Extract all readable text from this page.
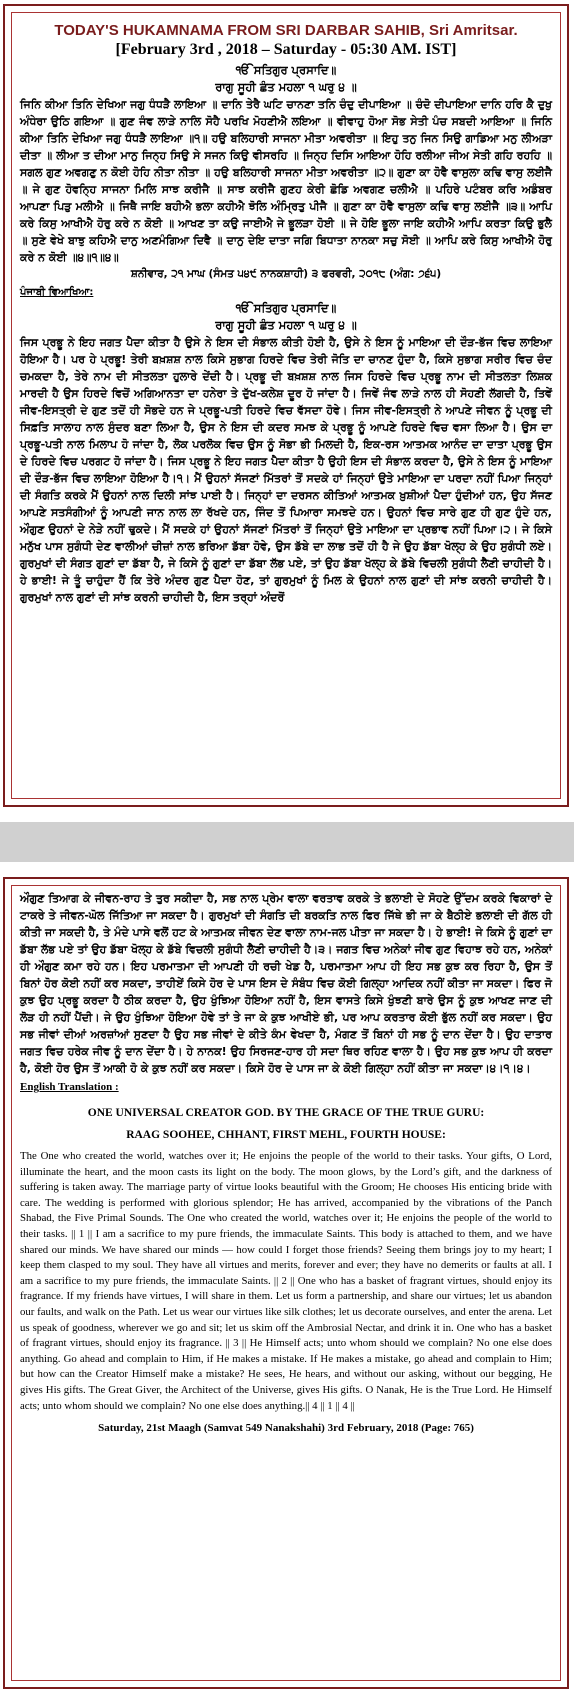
TODAY'S HUKAMNAMA FROM SRI DARBAR SAHIB, Sri Amritsar.
[February 3rd , 2018 – Saturday - 05:30 AM. IST]
ੴ ਸਤਿਗੁਰ ਪ੍ਰਸਾਦਿ॥
ਰਾਗੁ ਸੂਹੀ ਛੰਤ ਮਹਲਾ ੧ ਘਰੁ ੪ ॥

ਜਿਨਿ ਕੀਆ ਤਿਨਿ ਦੇਖਿਆ ਜਗੁ ਧੰਧੜੈ ਲਾਇਆ ॥ ਦਾਨਿ ਤੇਰੈ ਘਟਿ ਚਾਨਣਾ ਤਨਿ ਚੰਦੁ ਦੀਪਾਇਆ ॥ ਚੰਦੋ ਦੀਪਾਇਆ ਦਾਨਿ ਹਰਿ ਕੈ ਦੁਖੁ ਅੰਧੇਰਾ ਉਠਿ ਗਇਆ ॥ ਗੁਣ ਜੰਞ ਲਾੜੇ ਨਾਲਿ ਸੋਹੈ ਪਰਖਿ ਮੋਹਣੀਐ ਲਇਆ ॥ ਵੀਵਾਹੁ ਹੋਆ ਸੋਭ ਸੇਤੀ ਪੰਚ ਸਬਦੀ ਆਇਆ ॥ ਜਿਨਿ ਕੀਆ ਤਿਨਿ ਦੇਖਿਆ ਜਗੁ ਧੰਧੜੈ ਲਾਇਆ ॥੧॥ ਹਉ ਬਲਿਹਾਰੀ ਸਾਜਨਾ ਮੀਤਾ ਅਵਰੀਤਾ ॥ ਇਹੁ ਤਨੁ ਜਿਨ ਸਿਉ ਗਾਡਿਆ ਮਨੁ ਲੀਅੜਾ ਦੀਤਾ ॥ ਲੀਆ ਤ ਦੀਆ ਮਾਨੁ ਜਿਨ੍ਹ ਸਿਉ ਸੇ ਸਜਨ ਕਿਉ ਵੀਸਰਹਿ ॥ ਜਿਨ੍ਹ ਦਿਸਿ ਆਇਆ ਹੋਹਿ ਰਲੀਆ ਜੀਅ ਸੇਤੀ ਗਹਿ ਰਹਹਿ ॥ ਸਗਲ ਗੁਣ ਅਵਗਣੁ ਨ ਕੋਈ ਹੋਹਿ ਨੀਤਾ ਨੀਤਾ ॥ ਹਉ ਬਲਿਹਾਰੀ ਸਾਜਨਾ ਮੀਤਾ ਅਵਰੀਤਾ ॥੨॥ ਗੁਣਾ ਕਾ ਹੋਵੈ ਵਾਸੁਲਾ ਕਢਿ ਵਾਸੁ ਲਈਜੈ ॥ ਜੇ ਗੁਣ ਹੋਵਨ੍ਹਿ ਸਾਜਨਾ ਮਿਲਿ ਸਾਝ ਕਰੀਜੈ ॥ ਸਾਝ ਕਰੀਜੈ ਗੁਣਹ ਕੇਰੀ ਛੋਡਿ ਅਵਗਣ ਚਲੀਐ ॥ ਪਹਿਰੇ ਪਟੰਬਰ ਕਰਿ ਅਡੰਬਰ ਆਪਣਾ ਪਿੜੁ ਮਲੀਐ ॥ ਜਿਥੈ ਜਾਇ ਬਹੀਐ ਭਲਾ ਕਹੀਐ ਝੋਲਿ ਅੰਮ੍ਰਿਤੁ ਪੀਜੈ ॥ ਗੁਣਾ ਕਾ ਹੋਵੈ ਵਾਸੁਲਾ ਕਢਿ ਵਾਸੁ ਲਈਜੈ ॥੩॥ ਆਪਿ ਕਰੇ ਕਿਸੁ ਆਖੀਐ ਹੋਰੁ ਕਰੇ ਨ ਕੋਈ ॥ ਆਖਣ ਤਾ ਕਉ ਜਾਈਐ ਜੇ ਭੂਲੜਾ ਹੋਈ ॥ ਜੇ ਹੋਇ ਭੂਲਾ ਜਾਇ ਕਹੀਐ ਆਪਿ ਕਰਤਾ ਕਿਉ ਭੁਲੈ ॥ ਸੁਣੇ ਵੇਖੇ ਬਾਝੁ ਕਹਿਐ ਦਾਨੁ ਅਣਮੰਗਿਆ ਦਿਵੈ ॥ ਦਾਨੁ ਦੇਇ ਦਾਤਾ ਜਗਿ ਬਿਧਾਤਾ ਨਾਨਕਾ ਸਚੁ ਸੋਈ ॥ ਆਪਿ ਕਰੇ ਕਿਸੁ ਆਖੀਐ ਹੋਰੁ ਕਰੇ ਨ ਕੋਈ ॥੪॥੧॥੪॥

ਸ਼ਨੀਵਾਰ, ੨੧ ਮਾਘ (ਸੰਮਤ ੫੪੯ ਨਾਨਕਸ਼ਾਹੀ) ੩ ਫਰਵਰੀ, ੨੦੧੮ (ਅੰਗ: ੭੬੫)
ਪੰਜਾਬੀ ਵਿਆਖਿਆ:
ੴ ਸਤਿਗੁਰ ਪ੍ਰਸਾਦਿ॥
ਰਾਗੁ ਸੂਹੀ ਛੰਤ ਮਹਲਾ ੧ ਘਰੁ ੪ ॥

ਜਿਸ ਪ੍ਰਭੂ ਨੇ ਇਹ ਜਗਤ ਪੈਦਾ ਕੀਤਾ ਹੈ ਉਸੇ ਨੇ ਇਸ ਦੀ ਸੰਭਾਲ ਕੀਤੀ ਹੋਈ ਹੈ, ਉਸੇ ਨੇ ਇਸ ਨੂੰ ਮਾਇਆ ਦੀ ਦੌੜ-ਭੱਜ ਵਿਚ ਲਾਇਆ ਹੋਇਆ ਹੈ। ਪਰ ਹੇ ਪ੍ਰਭੂ! ਤੇਰੀ ਬਖ਼ਸ਼ਸ਼ ਨਾਲ ਕਿਸੇ ਸੁਭਾਗ ਹਿਰਦੇ ਵਿਚ ਤੇਰੀ ਜੋਤਿ ਦਾ ਚਾਨਣ ਹੁੰਦਾ ਹੈ, ਕਿਸੇ ਸੁਭਾਗ ਸਰੀਰ ਵਿਚ ਚੰਦ ਚਮਕਦਾ ਹੈ, ਤੇਰੇ ਨਾਮ ਦੀ ਸੀਤਲਤਾ ਹੁਲਾਰੇ ਦੇਂਦੀ ਹੈ। ਪ੍ਰਭੂ ਦੀ ਬਖ਼ਸ਼ਸ਼ ਨਾਲ ਜਿਸ ਹਿਰਦੇ ਵਿਚ ਪ੍ਰਭੂ ਨਾਮ ਦੀ ਸੀਤਲਤਾ ਲਿਸ਼ਕ ਮਾਰਦੀ ਹੈ ਉਸ ਹਿਰਦੇ ਵਿਚੋਂ ਅਗਿਆਨਤਾ ਦਾ ਹਨੇਰਾ ਤੇ ਦੁੱਖ-ਕਲੇਸ਼ ਦੂਰ ਹੋ ਜਾਂਦਾ ਹੈ। ਜਿਵੇਂ ਜੰਞ ਲਾੜੇ ਨਾਲ ਹੀ ਸੋਹਣੀ ਲੱਗਦੀ ਹੈ, ਤਿਵੇਂ ਜੀਵ-ਇਸਤ੍ਰੀ ਦੇ ਗੁਣ ਤਦੋਂ ਹੀ ਸੋਭਦੇ ਹਨ ਜੇ ਪ੍ਰਭੂ-ਪਤੀ ਹਿਰਦੇ ਵਿਚ ਵੱਸਦਾ ਹੋਵੇ। ਜਿਸ ਜੀਵ-ਇਸਤ੍ਰੀ ਨੇ ਆਪਣੇ ਜੀਵਨ ਨੂੰ ਪ੍ਰਭੂ ਦੀ ਸਿਫ਼ਤਿ ਸਾਲਾਹ ਨਾਲ ਸੁੰਦਰ ਬਣਾ ਲਿਆ ਹੈ, ਉਸ ਨੇ ਇਸ ਦੀ ਕਦਰ ਸਮਝ ਕੇ ਪ੍ਰਭੂ ਨੂੰ ਆਪਣੇ ਹਿਰਦੇ ਵਿਚ ਵਸਾ ਲਿਆ ਹੈ। ਉਸ ਦਾ ਪ੍ਰਭੂ-ਪਤੀ ਨਾਲ ਮਿਲਾਪ ਹੋ ਜਾਂਦਾ ਹੈ, ਲੋਕ ਪਰਲੋਕ ਵਿਚ ਉਸ ਨੂੰ ਸੋਭਾ ਭੀ ਮਿਲਦੀ ਹੈ, ਇਕ-ਰਸ ਆਤਮਕ ਆਨੰਦ ਦਾ ਦਾਤਾ ਪ੍ਰਭੂ ਉਸ ਦੇ ਹਿਰਦੇ ਵਿਚ ਪਰਗਟ ਹੋ ਜਾਂਦਾ ਹੈ। ਜਿਸ ਪ੍ਰਭੂ ਨੇ ਇਹ ਜਗਤ ਪੈਦਾ ਕੀਤਾ ਹੈ ਉਹੀ ਇਸ ਦੀ ਸੰਭਾਲ ਕਰਦਾ ਹੈ, ਉਸੇ ਨੇ ਇਸ ਨੂੰ ਮਾਇਆ ਦੀ ਦੌੜ-ਭੱਜ ਵਿਚ ਲਾਇਆ ਹੋਇਆ ਹੈ।੧। ਮੈਂ ਉਹਨਾਂ ਸੱਜਣਾਂ ਮਿੱਤਰਾਂ ਤੋਂ ਸਦਕੇ ਹਾਂ ਜਿਨ੍ਹਾਂ ਉਤੇ ਮਾਇਆ ਦਾ ਪਰਦਾ ਨਹੀਂ ਪਿਆ ਜਿਨ੍ਹਾਂ ਦੀ ਸੰਗਤਿ ਕਰਕੇ ਮੈਂ ਉਹਨਾਂ ਨਾਲ ਦਿਲੀ ਸਾਂਝ ਪਾਈ ਹੈ। ਜਿਨ੍ਹਾਂ ਦਾ ਦਰਸਨ ਕੀਤਿਆਂ ਆਤਮਕ ਖ਼ੁਸ਼ੀਆਂ ਪੈਦਾ ਹੁੰਦੀਆਂ ਹਨ, ਉਹ ਸੱਜਣ ਆਪਣੇ ਸਤਸੰਗੀਆਂ ਨੂੰ ਆਪਣੀ ਜਾਨ ਨਾਲ ਲਾ ਰੱਖਦੇ ਹਨ, ਜਿੰਦ ਤੋਂ ਪਿਆਰਾ ਸਮਝਦੇ ਹਨ। ਉਹਨਾਂ ਵਿਚ ਸਾਰੇ ਗੁਣ ਹੀ ਗੁਣ ਹੁੰਦੇ ਹਨ, ਔਗੁਣ ਉਹਨਾਂ ਦੇ ਨੇੜੇ ਨਹੀਂ ਢੁਕਦੇ। ਮੈਂ ਸਦਕੇ ਹਾਂ ਉਹਨਾਂ ਸੱਜਣਾਂ ਮਿੱਤਰਾਂ ਤੋਂ ਜਿਨ੍ਹਾਂ ਉਤੇ ਮਾਇਆ ਦਾ ਪ੍ਰਭਾਵ ਨਹੀਂ ਪਿਆ।੨। ਜੇ ਕਿਸੇ ਮਨੁੱਖ ਪਾਸ ਸੁਗੰਧੀ ਦੇਣ ਵਾਲੀਆਂ ਚੀਜ਼ਾਂ ਨਾਲ ਭਰਿਆ ਡੱਬਾ ਹੋਵੇ, ਉਸ ਡੱਬੇ ਦਾ ਲਾਭ ਤਦੋਂ ਹੀ ਹੈ ਜੇ ਉਹ ਡੱਬਾ ਖੋਲ੍ਹ ਕੇ ਉਹ ਸੁਗੰਧੀ ਲਏ। ਗੁਰਮੁਖਾਂ ਦੀ ਸੰਗਤ ਗੁਣਾਂ ਦਾ ਡੱਬਾ ਹੈ, ਜੇ ਕਿਸੇ ਨੂੰ ਗੁਣਾਂ ਦਾ ਡੱਬਾ ਲੱਭ ਪਏ, ਤਾਂ ਉਹ ਡੱਬਾ ਖੋਲ੍ਹ ਕੇ ਡੱਬੇ ਵਿਚਲੀ ਸੁਗੰਧੀ ਲੈਣੀ ਚਾਹੀਦੀ ਹੈ। ਹੇ ਭਾਈ! ਜੇ ਤੂੰ ਚਾਹੁੰਦਾ ਹੈਂ ਕਿ ਤੇਰੇ ਅੰਦਰ ਗੁਣ ਪੈਦਾ ਹੋਣ, ਤਾਂ ਗੁਰਮੁਖਾਂ ਨੂੰ ਮਿਲ ਕੇ ਉਹਨਾਂ ਨਾਲ ਗੁਣਾਂ ਦੀ ਸਾਂਝ ਕਰਨੀ ਚਾਹੀਦੀ ਹੈ। ਗੁਰਮੁਖਾਂ ਨਾਲ ਗੁਣਾਂ ਦੀ ਸਾਂਝ ਕਰਨੀ ਚਾਹੀਦੀ ਹੈ, ਇਸ ਤਰ੍ਹਾਂ ਅੰਦਰੋਂ

ਔਗੁਣ ਤਿਆਗ ਕੇ ਜੀਵਨ-ਰਾਹ ਤੇ ਤੁਰ ਸਕੀਦਾ ਹੈ, ਸਭ ਨਾਲ ਪ੍ਰੇਮ ਵਾਲਾ ਵਰਤਾਵ ਕਰਕੇ ਤੇ ਭਲਾਈ ਦੇ ਸੋਹਣੇ ਉੱਦਮ ਕਰਕੇ ਵਿਕਾਰਾਂ ਦੇ ਟਾਕਰੇ ਤੇ ਜੀਵਨ-ਘੋਲ ਜਿੱਤਿਆ ਜਾ ਸਕਦਾ ਹੈ। ਗੁਰਮੁਖਾਂ ਦੀ ਸੰਗਤਿ ਦੀ ਬਰਕਤਿ ਨਾਲ ਫਿਰ ਜਿੱਥੇ ਭੀ ਜਾ ਕੇ ਬੈਠੀਏ ਭਲਾਈ ਦੀ ਗੱਲ ਹੀ ਕੀਤੀ ਜਾ ਸਕਦੀ ਹੈ, ਤੇ ਮੰਦੇ ਪਾਸੇ ਵਲੋਂ ਹਟ ਕੇ ਆਤਮਕ ਜੀਵਨ ਦੇਣ ਵਾਲਾ ਨਾਮ-ਜਲ ਪੀਤਾ ਜਾ ਸਕਦਾ ਹੈ। ਹੇ ਭਾਈ! ਜੇ ਕਿਸੇ ਨੂੰ ਗੁਣਾਂ ਦਾ ਡੱਬਾ ਲੱਭ ਪਏ ਤਾਂ ਉਹ ਡੱਬਾ ਖੋਲ੍ਹ ਕੇ ਡੱਬੇ ਵਿਚਲੀ ਸੁਗੰਧੀ ਲੈਣੀ ਚਾਹੀਦੀ ਹੈ।੩। ਜਗਤ ਵਿਚ ਅਨੇਕਾਂ ਜੀਵ ਗੁਣ ਵਿਹਾਝ ਰਹੇ ਹਨ, ਅਨੇਕਾਂ ਹੀ ਔਗੁਣ ਕਮਾ ਰਹੇ ਹਨ। ਇਹ ਪਰਮਾਤਮਾ ਦੀ ਆਪਣੀ ਹੀ ਰਚੀ ਖੇਡ ਹੈ, ਪਰਮਾਤਮਾ ਆਪ ਹੀ ਇਹ ਸਭ ਕੁਝ ਕਰ ਰਿਹਾ ਹੈ, ਉਸ ਤੋਂ ਬਿਨਾਂ ਹੋਰ ਕੋਈ ਨਹੀਂ ਕਰ ਸਕਦਾ, ਤਾਹੀਏਂ ਕਿਸੇ ਹੋਰ ਦੇ ਪਾਸ ਇਸ ਦੇ ਸੰਬੰਧ ਵਿਚ ਕੋਈ ਗਿਲ੍ਹਾ ਆਦਿਕ ਨਹੀਂ ਕੀਤਾ ਜਾ ਸਕਦਾ। ਫਿਰ ਜੋ ਕੁਝ ਉਹ ਪ੍ਰਭੂ ਕਰਦਾ ਹੈ ਠੀਕ ਕਰਦਾ ਹੈ, ਉਹ ਖੁੰਝਿਆ ਹੋਇਆ ਨਹੀਂ ਹੈ, ਇਸ ਵਾਸਤੇ ਕਿਸੇ ਖੁੰਝਣੀ ਬਾਰੇ ਉਸ ਨੂੰ ਕੁਝ ਆਖਣ ਜਾਣ ਦੀ ਲੋੜ ਹੀ ਨਹੀਂ ਪੈਂਦੀ। ਜੇ ਉਹ ਖੁੰਝਿਆ ਹੋਇਆ ਹੋਵੇ ਤਾਂ ਤੇ ਜਾ ਕੇ ਕੁਝ ਆਖੀਏ ਭੀ, ਪਰ ਆਪ ਕਰਤਾਰ ਕੋਈ ਭੁੱਲ ਨਹੀਂ ਕਰ ਸਕਦਾ। ਉਹ ਸਭ ਜੀਵਾਂ ਦੀਆਂ ਅਰਜ਼ਾਂਆਂ ਸੁਣਦਾ ਹੈ ਉਹ ਸਭ ਜੀਵਾਂ ਦੇ ਕੀਤੇ ਕੰਮ ਵੇਖਦਾ ਹੈ, ਮੰਗਣ ਤੋਂ ਬਿਨਾਂ ਹੀ ਸਭ ਨੂੰ ਦਾਨ ਦੇਂਦਾ ਹੈ। ਉਹ ਦਾਤਾਰ ਜਗਤ ਵਿਚ ਹਰੇਕ ਜੀਵ ਨੂੰ ਦਾਨ ਦੇਂਦਾ ਹੈ। ਹੇ ਨਾਨਕ! ਉਹ ਸਿਰਜਣ-ਹਾਰ ਹੀ ਸਦਾ ਥਿਰ ਰਹਿਣ ਵਾਲਾ ਹੈ। ਉਹ ਸਭ ਕੁਝ ਆਪ ਹੀ ਕਰਦਾ ਹੈ, ਕੋਈ ਹੋਰ ਉਸ ਤੋਂ ਆਕੀ ਹੋ ਕੇ ਕੁਝ ਨਹੀਂ ਕਰ ਸਕਦਾ। ਕਿਸੇ ਹੋਰ ਦੇ ਪਾਸ ਜਾ ਕੇ ਕੋਈ ਗਿਲ੍ਹਾ ਨਹੀਂ ਕੀਤਾ ਜਾ ਸਕਦਾ।੪।੧।੪।

English Translation :
ONE UNIVERSAL CREATOR GOD. BY THE GRACE OF THE TRUE GURU:
RAAG SOOHEE, CHHANT, FIRST MEHL, FOURTH HOUSE:

The One who created the world, watches over it; He enjoins the people of the world to their tasks. Your gifts, O Lord, illuminate the heart, and the moon casts its light on the body. The moon glows, by the Lord’s gift, and the darkness of suffering is taken away. The marriage party of virtue looks beautiful with the Groom; He chooses His enticing bride with care. The wedding is performed with glorious splendor; He has arrived, accompanied by the vibrations of the Panch Shabad, the Five Primal Sounds. The One who created the world, watches over it; He enjoins the people of the world to their tasks. || 1 || I am a sacrifice to my pure friends, the immaculate Saints. This body is attached to them, and we have shared our minds. We have shared our minds — how could I forget those friends? Seeing them brings joy to my heart; I keep them clasped to my soul. They have all virtues and merits, forever and ever; they have no demerits or faults at all. I am a sacrifice to my pure friends, the immaculate Saints. || 2 || One who has a basket of fragrant virtues, should enjoy its fragrance. If my friends have virtues, I will share in them. Let us form a partnership, and share our virtues; let us abandon our faults, and walk on the Path. Let us wear our virtues like silk clothes; let us decorate ourselves, and enter the arena. Let us speak of goodness, wherever we go and sit; let us skim off the Ambrosial Nectar, and drink it in. One who has a basket of fragrant virtues, should enjoy its fragrance. || 3 || He Himself acts; unto whom should we complain? No one else does anything. Go ahead and complain to Him, if He makes a mistake. If He makes a mistake, go ahead and complain to Him; but how can the Creator Himself make a mistake? He sees, He hears, and without our asking, without our begging, He gives His gifts. The Great Giver, the Architect of the Universe, gives His gifts. O Nanak, He is the True Lord. He Himself acts; unto whom should we complain? No one else does anything.|| 4 || 1 || 4 ||

Saturday, 21st Maagh (Samvat 549 Nanakshahi) 3rd February, 2018 (Page: 765)
